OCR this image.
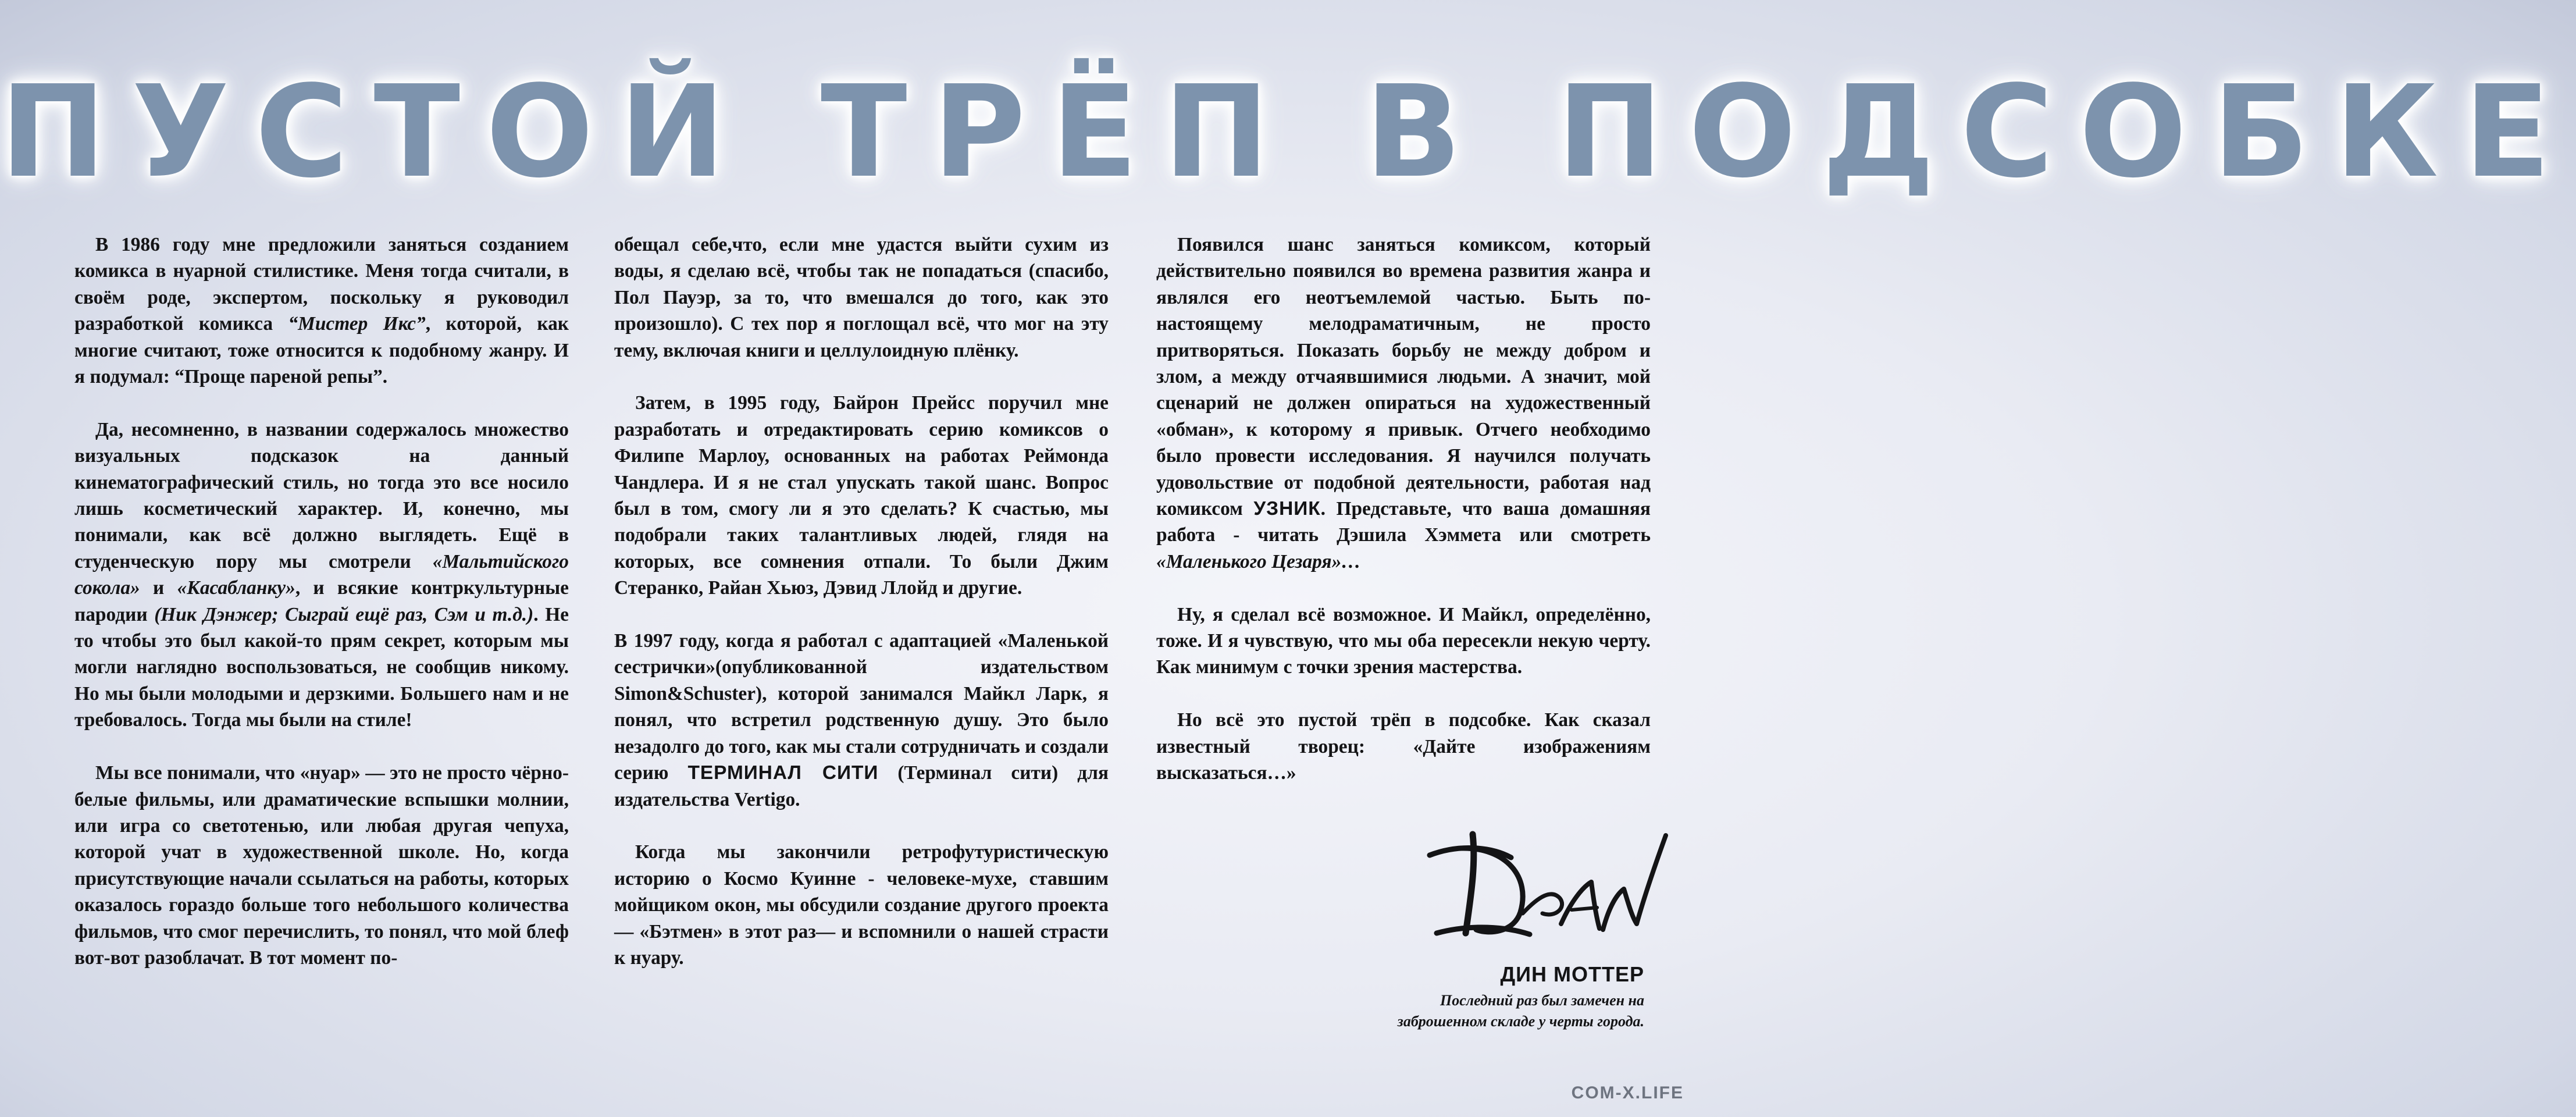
ПУСТОЙ ТРЁП В ПОДСОБКЕ

В 1986 году мне предложили заняться созданием комикса в нуарной стилистике. Меня тогда считали, в своём роде, экспертом, поскольку я руководил разработкой комикса “Мистер Икс”, которой, как многие считают, тоже относится к подобному жанру. И я подумал: “Проще пареной репы”.

Да, несомненно, в названии содержалось множество визуальных подсказок на данный кинематографический стиль, но тогда это все носило лишь косметический характер. И, конечно, мы понимали, как всё должно выглядеть. Ещё в студенческую пору мы смотрели «Мальтийского сокола» и «Касабланку», и всякие контркультурные пародии (Ник Дэнжер; Сыграй ещё раз, Сэм и т.д.). Не то чтобы это был какой-то прям секрет, которым мы могли наглядно воспользоваться, не сообщив никому. Но мы были молодыми и дерзкими. Большего нам и не требовалось. Тогда мы были на стиле!

Мы все понимали, что «нуар» — это не просто чёрно-белые фильмы, или драматические вспышки молнии, или игра со светотенью, или любая другая чепуха, которой учат в художественной школе. Но, когда присутствующие начали ссылаться на работы, которых оказалось гораздо больше того небольшого количества фильмов, что смог перечислить, то понял, что мой блеф вот-вот разоблачат. В тот момент по-

обещал себе,что, если мне удастся выйти сухим из воды, я сделаю всё, чтобы так не попадаться (спасибо, Пол Пауэр, за то, что вмешался до того, как это произошло). С тех пор я поглощал всё, что мог на эту тему, включая книги и целлулоидную плёнку.

Затем, в 1995 году, Байрон Прейсс поручил мне разработать и отредактировать серию комиксов о Филипе Марлоу, основанных на работах Реймонда Чандлера. И я не стал упускать такой шанс. Вопрос был в том, смогу ли я это сделать? К счастью, мы подобрали таких талантливых людей, глядя на которых, все сомнения отпали. То были Джим Стеранко, Райан Хьюз, Дэвид Ллойд и другие.

В 1997 году, когда я работал с адаптацией «Маленькой сестрички»(опубликованной издательством Simon&Schuster), которой занимался Майкл Ларк, я понял, что встретил родственную душу. Это было незадолго до того, как мы стали сотрудничать и создали серию ТЕРМИНАЛ СИТИ (Терминал сити) для издательства Vertigo.

Когда мы закончили ретрофутуристическую историю о Космо Куинне - человеке-мухе, ставшим мойщиком окон, мы обсудили создание другого проекта — «Бэтмен» в этот раз— и вспомнили о нашей страсти к нуару.

Появился шанс заняться комиксом, который действительно появился во времена развития жанра и являлся его неотъемлемой частью. Быть по-настоящему мелодраматичным, не просто притворяться. Показать борьбу не между добром и злом, а между отчаявшимися людьми. А значит, мой сценарий не должен опираться на художественный «обман», к которому я привык. Отчего необходимо было провести исследования. Я научился получать удовольствие от подобной деятельности, работая над комиксом УЗНИК. Представьте, что ваша домашняя работа - читать Дэшила Хэммета или смотреть «Маленького Цезаря»…

Ну, я сделал всё возможное. И Майкл, определённо, тоже. И я чувствую, что мы оба пересекли некую черту. Как минимум с точки зрения мастерства.

Но всё это пустой трёп в подсобке. Как сказал известный творец: «Дайте изображениям высказаться…»

ДИН МОТТЕР
Последний раз был замечен на заброшенном складе у черты города.
COM-X.LIFE
